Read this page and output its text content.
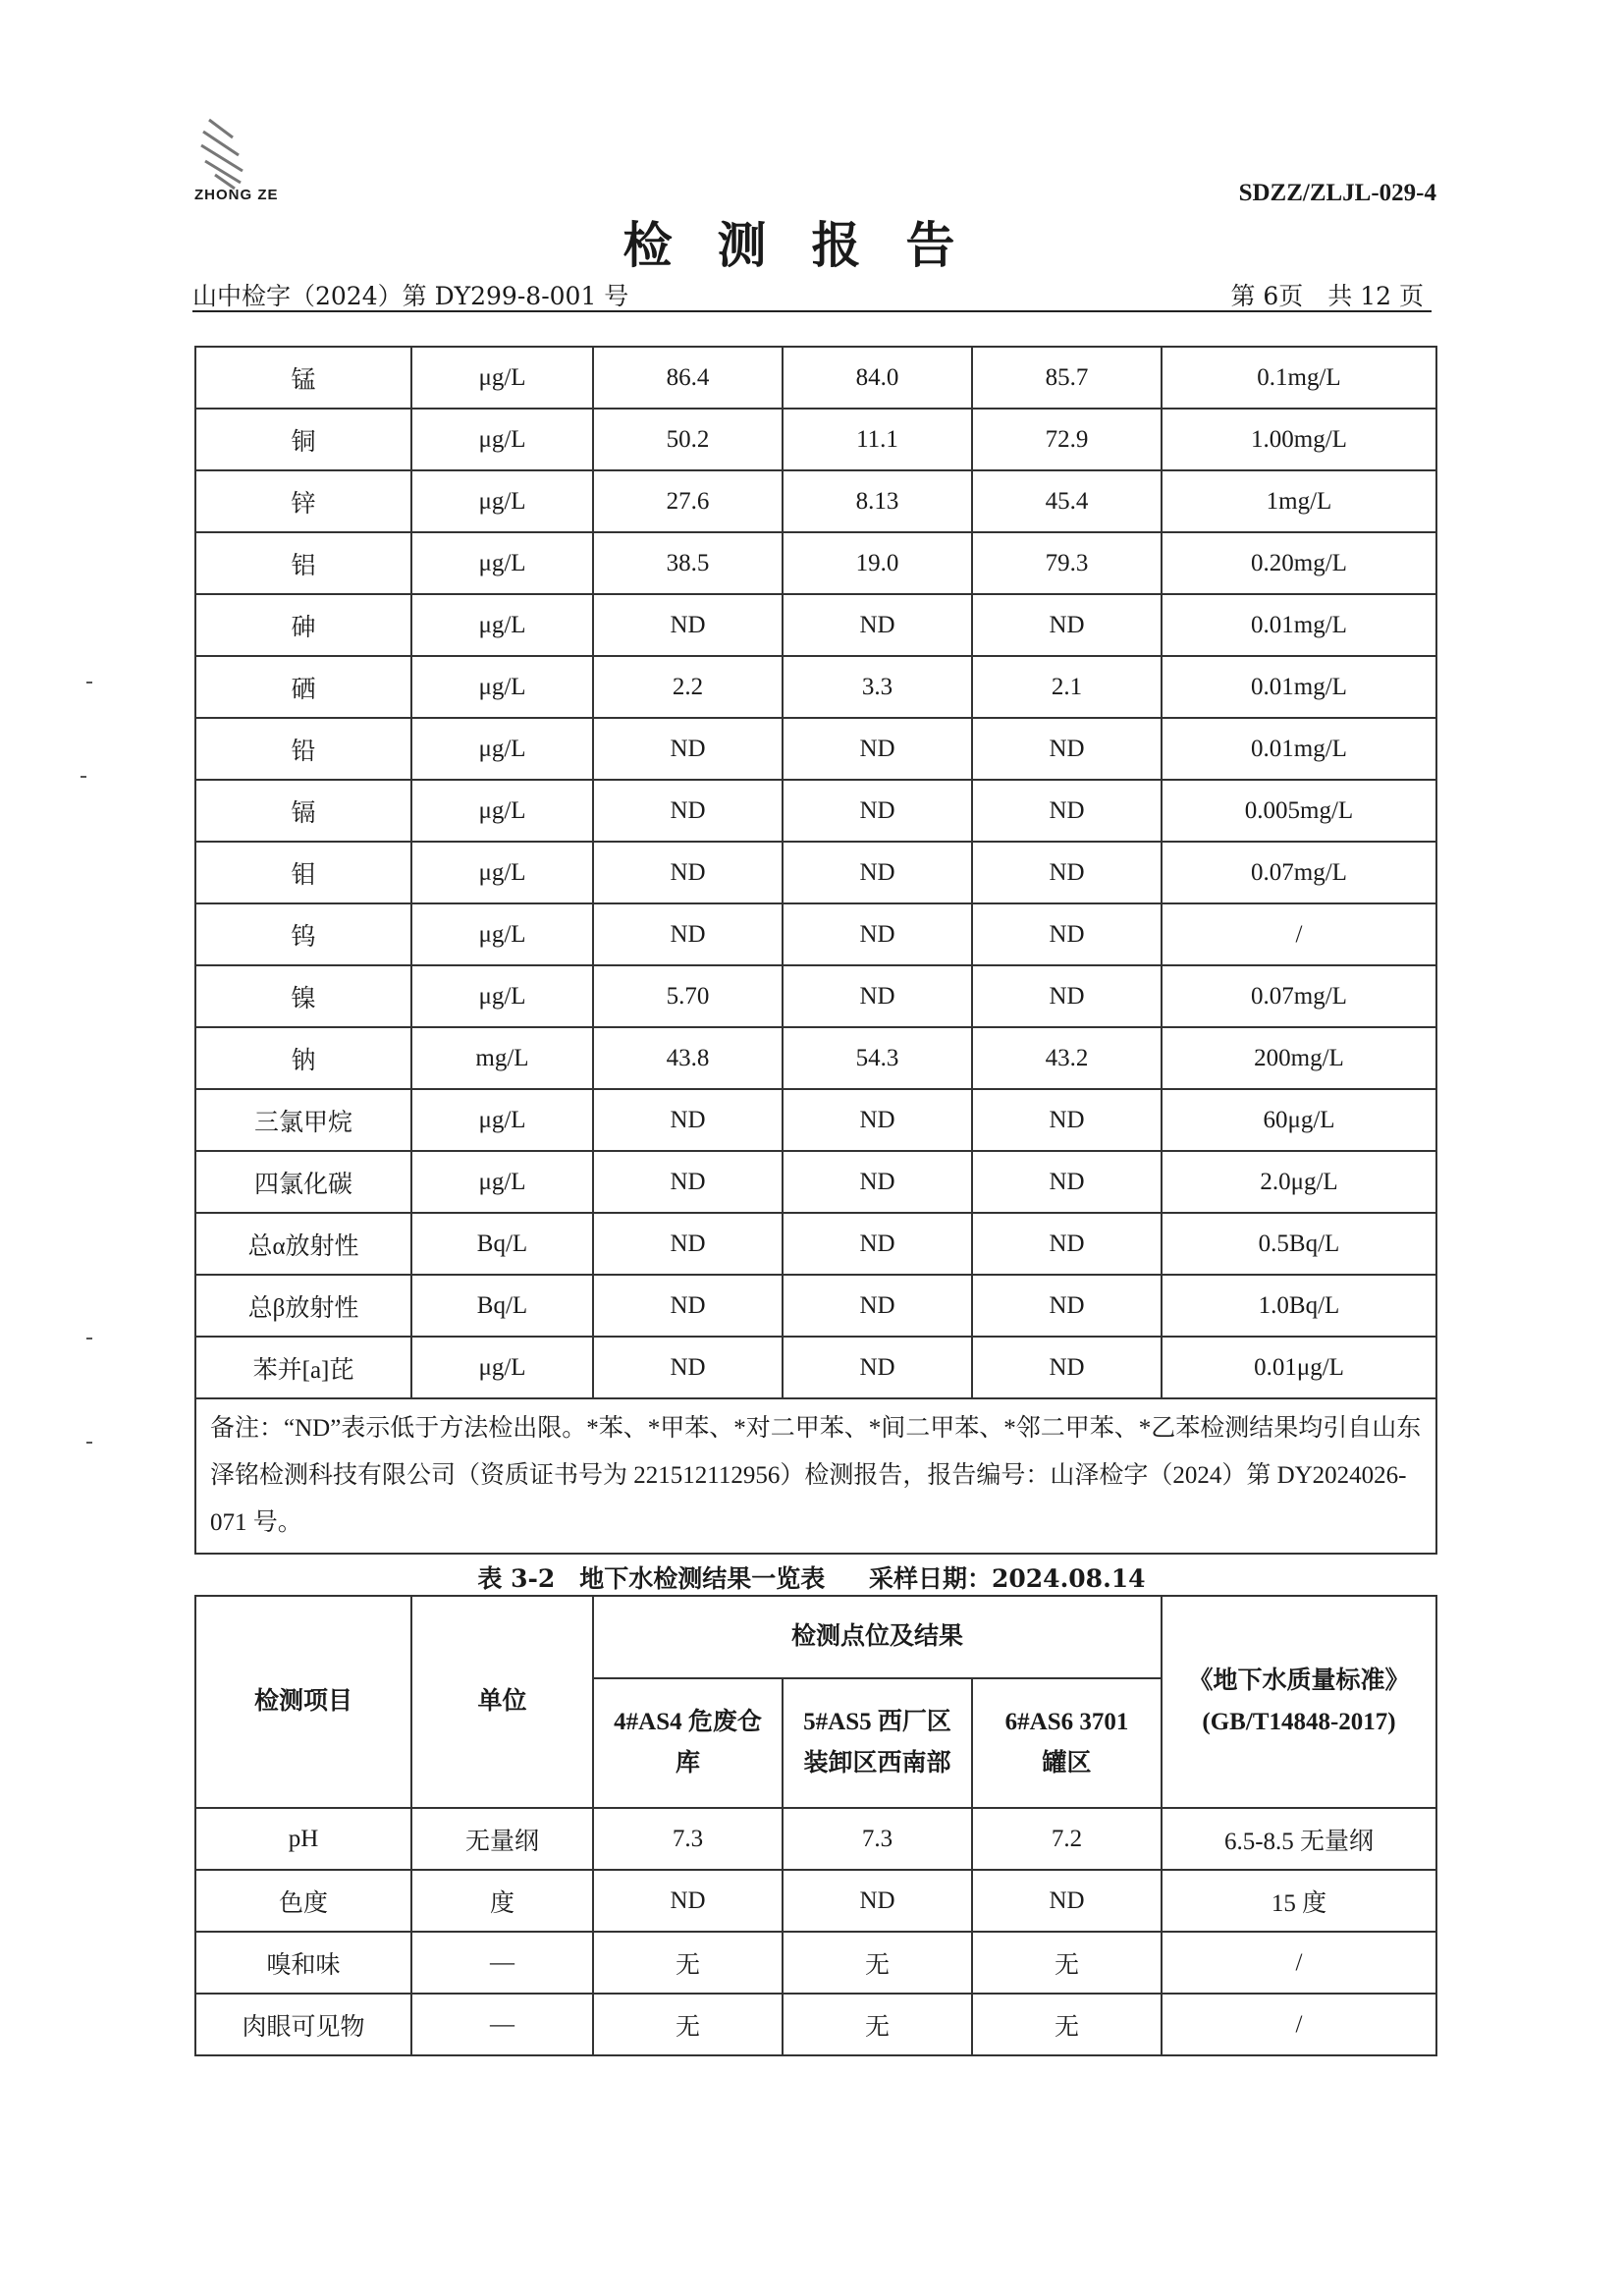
ZHONG ZE	SDZZ/ZLJL-029-4
检测报告
山中检字（2024）第 DY299-8-001 号	第 6页　共 12 页
锰	μg/L	86.4	84.0	85.7	0.1mg/L
铜	μg/L	50.2	11.1	72.9	1.00mg/L
锌	μg/L	27.6	8.13	45.4	1mg/L
铝	μg/L	38.5	19.0	79.3	0.20mg/L
砷	μg/L	ND	ND	ND	0.01mg/L
硒	μg/L	2.2	3.3	2.1	0.01mg/L
铅	μg/L	ND	ND	ND	0.01mg/L
镉	μg/L	ND	ND	ND	0.005mg/L
钼	μg/L	ND	ND	ND	0.07mg/L
钨	μg/L	ND	ND	ND	/
镍	μg/L	5.70	ND	ND	0.07mg/L
钠	mg/L	43.8	54.3	43.2	200mg/L
三氯甲烷	μg/L	ND	ND	ND	60μg/L
四氯化碳	μg/L	ND	ND	ND	2.0μg/L
总α放射性	Bq/L	ND	ND	ND	0.5Bq/L
总β放射性	Bq/L	ND	ND	ND	1.0Bq/L
苯并[a]芘	μg/L	ND	ND	ND	0.01μg/L
备注：“ND”表示低于方法检出限。*苯、*甲苯、*对二甲苯、*间二甲苯、*邻二甲苯、*乙苯检测结果均引自山东泽铭检测科技有限公司（资质证书号为 221512112956）检测报告，报告编号：山泽检字（2024）第 DY2024026-071 号。					
表 3-2　地下水检测结果一览表 采样日期：2024.08.14
检测项目	单位	检测点位及结果			《地下水质量标准》(GB/T14848-2017)
		4#AS4 危废仓库	5#AS5 西厂区装卸区西南部	6#AS6 3701 罐区	
pH	无量纲	7.3	7.3	7.2	6.5-8.5 无量纲
色度	度	ND	ND	ND	15 度
嗅和味	—	无	无	无	/
肉眼可见物	—	无	无	无	/
